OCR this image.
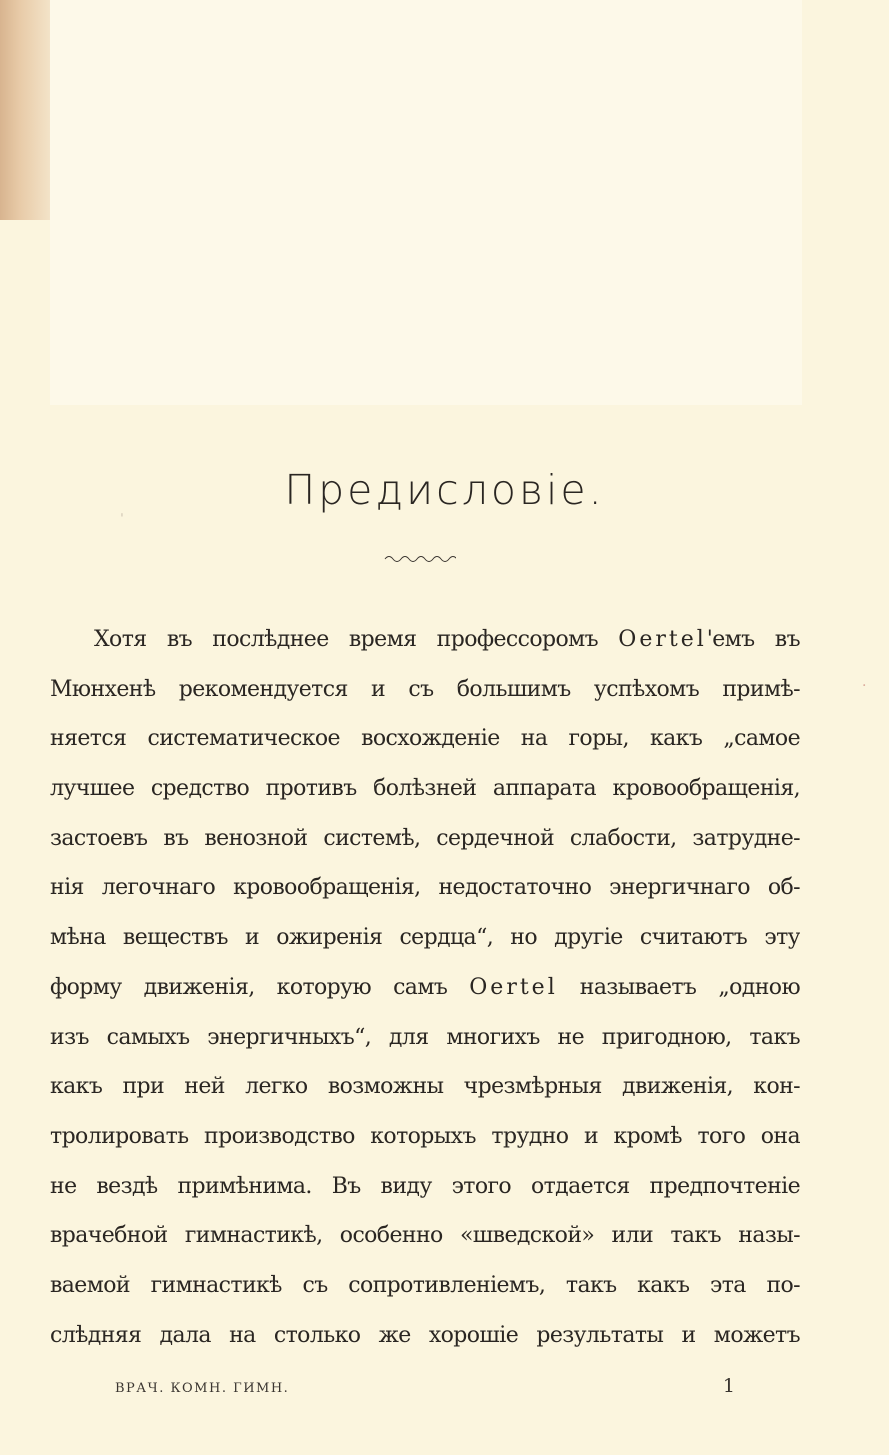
Предисловіе.
Хотя въ послѣднее время профессоромъ Oertel'емъ въ
Мюнхенѣ рекомендуется и съ большимъ успѣхомъ примѣ-
няется систематическое восхожденіе на горы, какъ „самое
лучшее средство противъ болѣзней аппарата кровообращенія,
застоевъ въ венозной системѣ, сердечной слабости, затрудне-
нія легочнаго кровообращенія, недостаточно энергичнаго об-
мѣна веществъ и ожиренія сердца“, но другіе считаютъ эту
форму движенія, которую самъ Oertel называетъ „одною
изъ самыхъ энергичныхъ“, для многихъ не пригодною, такъ
какъ при ней легко возможны чрезмѣрныя движенія, кон-
тролировать производство которыхъ трудно и кромѣ того она
не вездѣ примѣнима. Въ виду этого отдается предпочтеніе
врачебной гимнастикѣ, особенно «шведской» или такъ назы-
ваемой гимнастикѣ съ сопротивленіемъ, такъ какъ эта по-
слѣдняя дала на столько же хорошіе результаты и можетъ
ВРАЧ. КОМН. ГИМН.	1
·
ˈ
